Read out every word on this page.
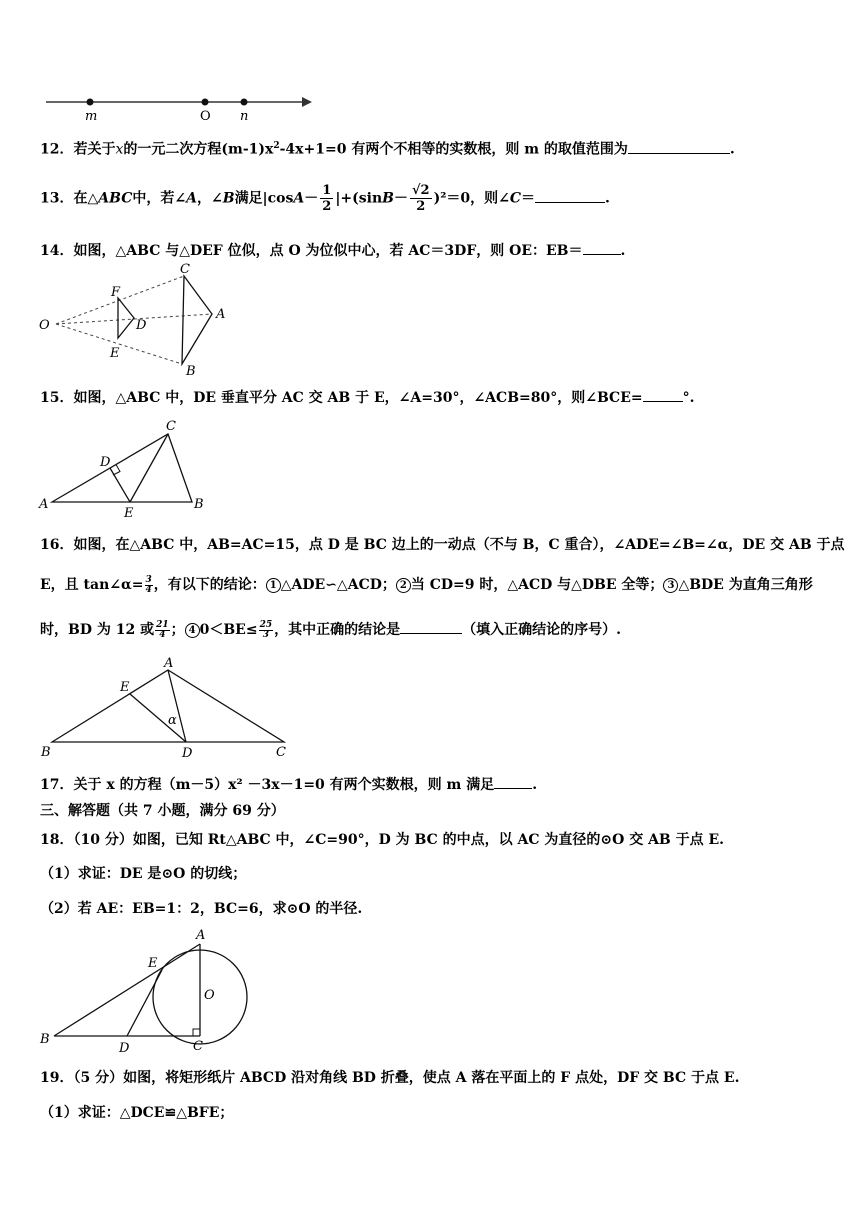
m	O n
12．若关于x的一元二次方程$(m-1)x^2-4x+1=0$ 有两个不相等的实数根，则 m 的取值范围为	.
13．在△ABC中，若∠A，∠B满足$|\cos A- \frac{1}{2} |+(\sin B- \frac{√2}{2} )^2=0$，则∠C＝	.
14．如图，△ABC 与△DEF 位似，点 O 为位似中心，若 AC＝3DF，则 OE：EB＝	.
O
F
D
E
C
A
B
15．如图，△ABC 中，DE 垂直平分 AC 交 AB 于 E，∠A=30°，∠ACB=80°，则∠BCE=	°.
C
D
A
E
B
16．如图，在△ABC 中，AB=AC=15，点 D 是 BC 边上的一动点（不与 B，C 重合），∠ADE=∠B=∠α，DE 交 AB 于点
E，且 tan∠α= $\frac{3}{4}$ ，有以下的结论： 1 △ADE∽△ACD； 2 当 CD=9 时，△ACD 与△DBE 全等； 3 △BDE 为直角三角形
时，BD 为 12 或 $\frac{21}{4}$ ； 4 $0<BE\le \frac{25}{3}$ ，其中正确的结论是	（填入正确结论的序号）.
A
E
α
B	D	C
17．关于 x 的方程（m－5）x² －3x－1=0 有两个实数根，则 m 满足	.
三、解答题（共 7 小题，满分 69 分）
18．（10 分）如图，已知 Rt△ABC 中，∠C=90°，D 为 BC 的中点，以 AC 为直径的⊙O 交 AB 于点 E.
（1）求证：DE 是⊙O 的切线；
（2）若 AE：EB=1：2，BC=6，求⊙O 的半径.
A
E
O
B
D	C
19．（5 分）如图，将矩形纸片 ABCD 沿对角线 BD 折叠，使点 A 落在平面上的 F 点处，DF 交 BC 于点 E.
（1）求证：△DCE≌△BFE；
